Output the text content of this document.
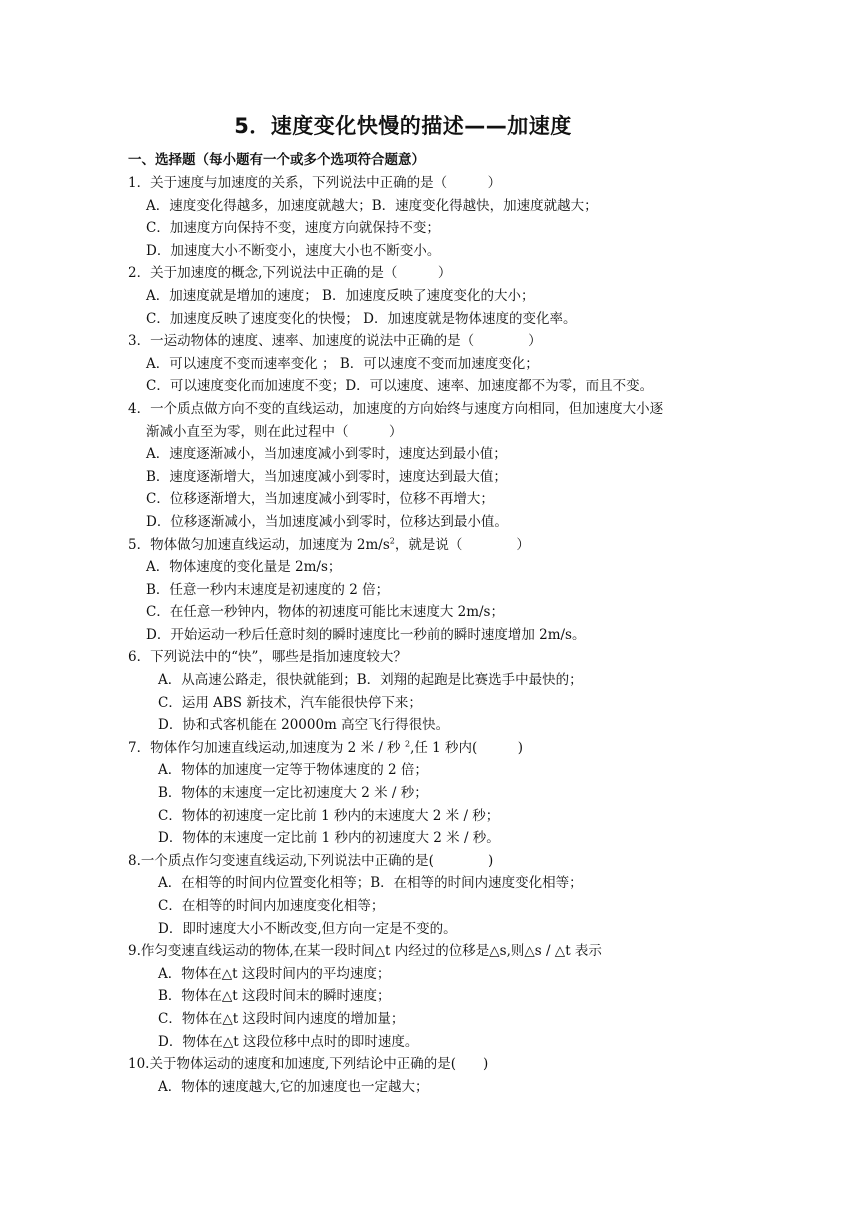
5．速度变化快慢的描述——加速度
一、选择题（每小题有一个或多个选项符合题意）

1．关于速度与加速度的关系，下列说法中正确的是（　　　）

A．速度变化得越多，加速度就越大；B．速度变化得越快，加速度就越大；

C．加速度方向保持不变，速度方向就保持不变；

D．加速度大小不断变小，速度大小也不断变小。

2．关于加速度的概念,下列说法中正确的是（　　　）

A．加速度就是增加的速度； B．加速度反映了速度变化的大小；

C．加速度反映了速度变化的快慢； D．加速度就是物体速度的变化率。

3．一运动物体的速度、速率、加速度的说法中正确的是（　　　　）

A．可以速度不变而速率变化 ； B．可以速度不变而加速度变化；

C．可以速度变化而加速度不变；D．可以速度、速率、加速度都不为零，而且不变。

4．一个质点做方向不变的直线运动，加速度的方向始终与速度方向相同，但加速度大小逐

渐减小直至为零，则在此过程中（　　　）

A．速度逐渐减小，当加速度减小到零时，速度达到最小值；

B．速度逐渐增大，当加速度减小到零时，速度达到最大值；

C．位移逐渐增大，当加速度减小到零时，位移不再增大；

D．位移逐渐减小，当加速度减小到零时，位移达到最小值。

5．物体做匀加速直线运动，加速度为 $2m/s^2$，就是说（　　　　）

A．物体速度的变化量是 2m/s；

B．任意一秒内末速度是初速度的 2 倍；

C．在任意一秒钟内，物体的初速度可能比末速度大 2m/s；

D．开始运动一秒后任意时刻的瞬时速度比一秒前的瞬时速度增加 2m/s。

6．下列说法中的“快”，哪些是指加速度较大？

A．从高速公路走，很快就能到；B．刘翔的起跑是比赛选手中最快的；

C．运用 ABS 新技术，汽车能很快停下来；

D．协和式客机能在 20000m 高空飞行得很快。

7．物体作匀加速直线运动,加速度为 2 米 / 秒 $^2$,任 1 秒内(　　　)

A．物体的加速度一定等于物体速度的 2 倍；

B．物体的末速度一定比初速度大 2 米 / 秒；

C．物体的初速度一定比前 1 秒内的末速度大 2 米 / 秒；

D．物体的末速度一定比前 1 秒内的初速度大 2 米 / 秒。

8.一个质点作匀变速直线运动,下列说法中正确的是(　　　　)

A．在相等的时间内位置变化相等；B．在相等的时间内速度变化相等；

C．在相等的时间内加速度变化相等；

D．即时速度大小不断改变,但方向一定是不变的。

9.作匀变速直线运动的物体,在某一段时间△t 内经过的位移是△s,则△s / △t 表示

A．物体在△t 这段时间内的平均速度；

B．物体在△t 这段时间末的瞬时速度；

C．物体在△t 这段时间内速度的增加量；

D．物体在△t 这段位移中点时的即时速度。

10.关于物体运动的速度和加速度,下列结论中正确的是(　　)

A．物体的速度越大,它的加速度也一定越大；
